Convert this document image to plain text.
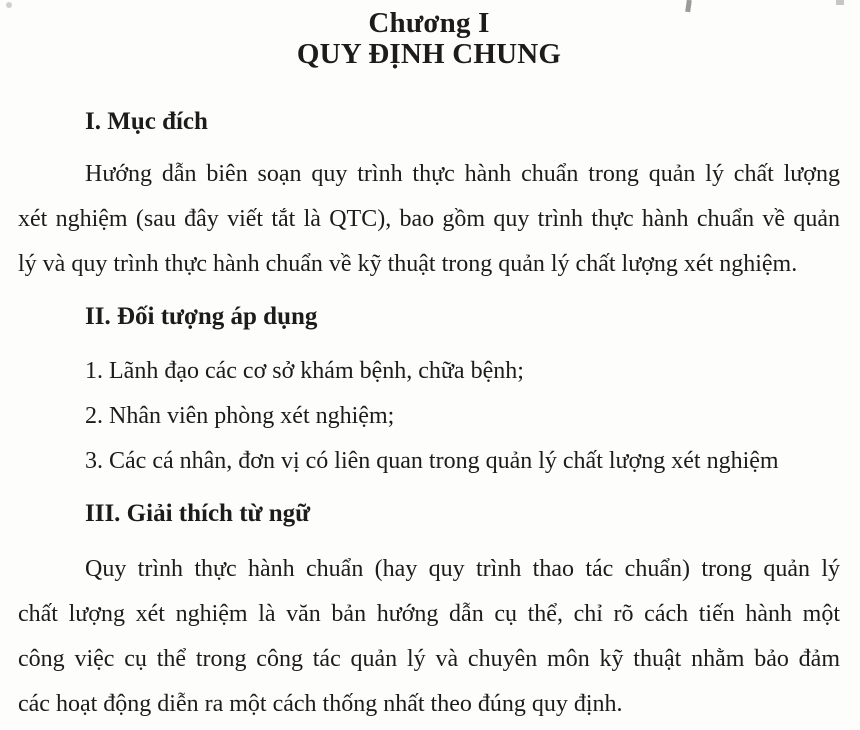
Chương I
QUY ĐỊNH CHUNG
I. Mục đích
Hướng dẫn biên soạn quy trình thực hành chuẩn trong quản lý chất lượng
xét nghiệm (sau đây viết tắt là QTC), bao gồm quy trình thực hành chuẩn về quản
lý và quy trình thực hành chuẩn về kỹ thuật trong quản lý chất lượng xét nghiệm.
II. Đối tượng áp dụng
1. Lãnh đạo các cơ sở khám bệnh, chữa bệnh;
2. Nhân viên phòng xét nghiệm;
3. Các cá nhân, đơn vị có liên quan trong quản lý chất lượng xét nghiệm
III. Giải thích từ ngữ
Quy trình thực hành chuẩn (hay quy trình thao tác chuẩn) trong quản lý
chất lượng xét nghiệm là văn bản hướng dẫn cụ thể, chỉ rõ cách tiến hành một
công việc cụ thể trong công tác quản lý và chuyên môn kỹ thuật nhằm bảo đảm
các hoạt động diễn ra một cách thống nhất theo đúng quy định.
